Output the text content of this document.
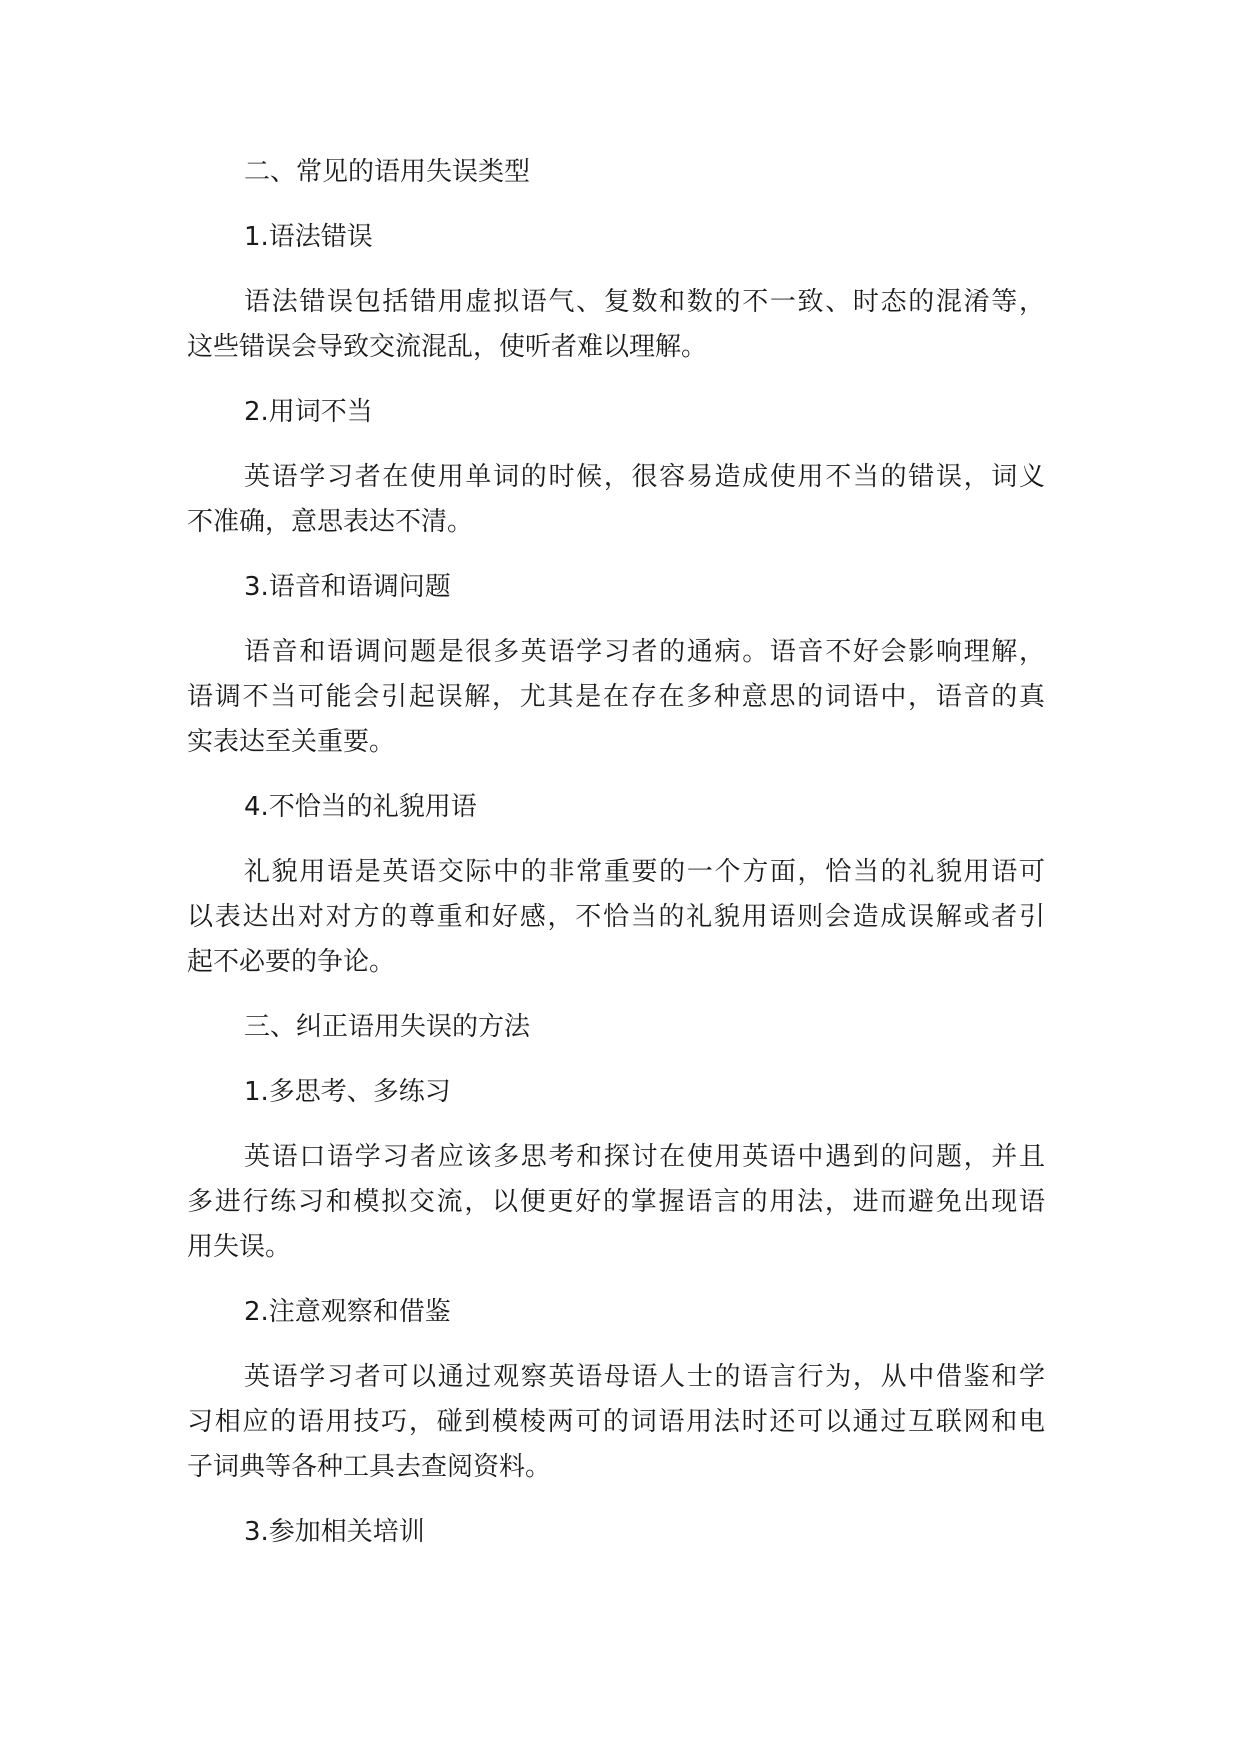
二、常见的语用失误类型

1.语法错误

语法错误包括错用虚拟语气、复数和数的不一致、时态的混淆等，

这些错误会导致交流混乱，使听者难以理解。

2.用词不当

英语学习者在使用单词的时候，很容易造成使用不当的错误，词义

不准确，意思表达不清。

3.语音和语调问题

语音和语调问题是很多英语学习者的通病。语音不好会影响理解，

语调不当可能会引起误解，尤其是在存在多种意思的词语中，语音的真

实表达至关重要。

4.不恰当的礼貌用语

礼貌用语是英语交际中的非常重要的一个方面，恰当的礼貌用语可

以表达出对对方的尊重和好感，不恰当的礼貌用语则会造成误解或者引

起不必要的争论。

三、纠正语用失误的方法

1.多思考、多练习

英语口语学习者应该多思考和探讨在使用英语中遇到的问题，并且

多进行练习和模拟交流，以便更好的掌握语言的用法，进而避免出现语

用失误。

2.注意观察和借鉴

英语学习者可以通过观察英语母语人士的语言行为，从中借鉴和学

习相应的语用技巧，碰到模棱两可的词语用法时还可以通过互联网和电

子词典等各种工具去查阅资料。

3.参加相关培训
